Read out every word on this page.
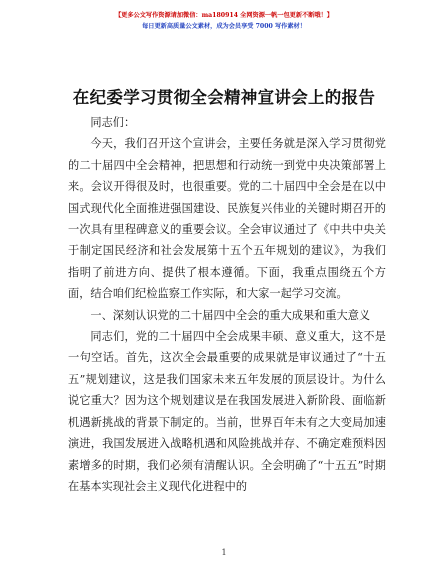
【更多公文写作资源请加微信：ma180914 全网资源一帆一包更新不断哦！】
每日更新高质量公文素材，成为会员享受 7000 写作素材！
在纪委学习贯彻全会精神宣讲会上的报告

同志们：

今天，我们召开这个宣讲会，主要任务就是深入学习贯彻党的二十届四中全会精神，把思想和行动统一到党中央决策部署上来。会议开得很及时，也很重要。党的二十届四中全会是在以中国式现代化全面推进强国建设、民族复兴伟业的关键时期召开的一次具有里程碑意义的重要会议。全会审议通过了《中共中央关于制定国民经济和社会发展第十五个五年规划的建议》，为我们指明了前进方向、提供了根本遵循。下面，我重点围绕五个方面，结合咱们纪检监察工作实际，和大家一起学习交流。

一、深刻认识党的二十届四中全会的重大成果和重大意义

同志们，党的二十届四中全会成果丰硕、意义重大，这不是一句空话。首先，这次全会最重要的成果就是审议通过了“十五五”规划建议，这是我们国家未来五年发展的顶层设计。为什么说它重大？因为这个规划建议是在我国发展进入新阶段、面临新机遇新挑战的背景下制定的。当前，世界百年未有之大变局加速演进，我国发展进入战略机遇和风险挑战并存、不确定难预料因素增多的时期，我们必须有清醒认识。全会明确了“十五五”时期在基本实现社会主义现代化进程中的

1
